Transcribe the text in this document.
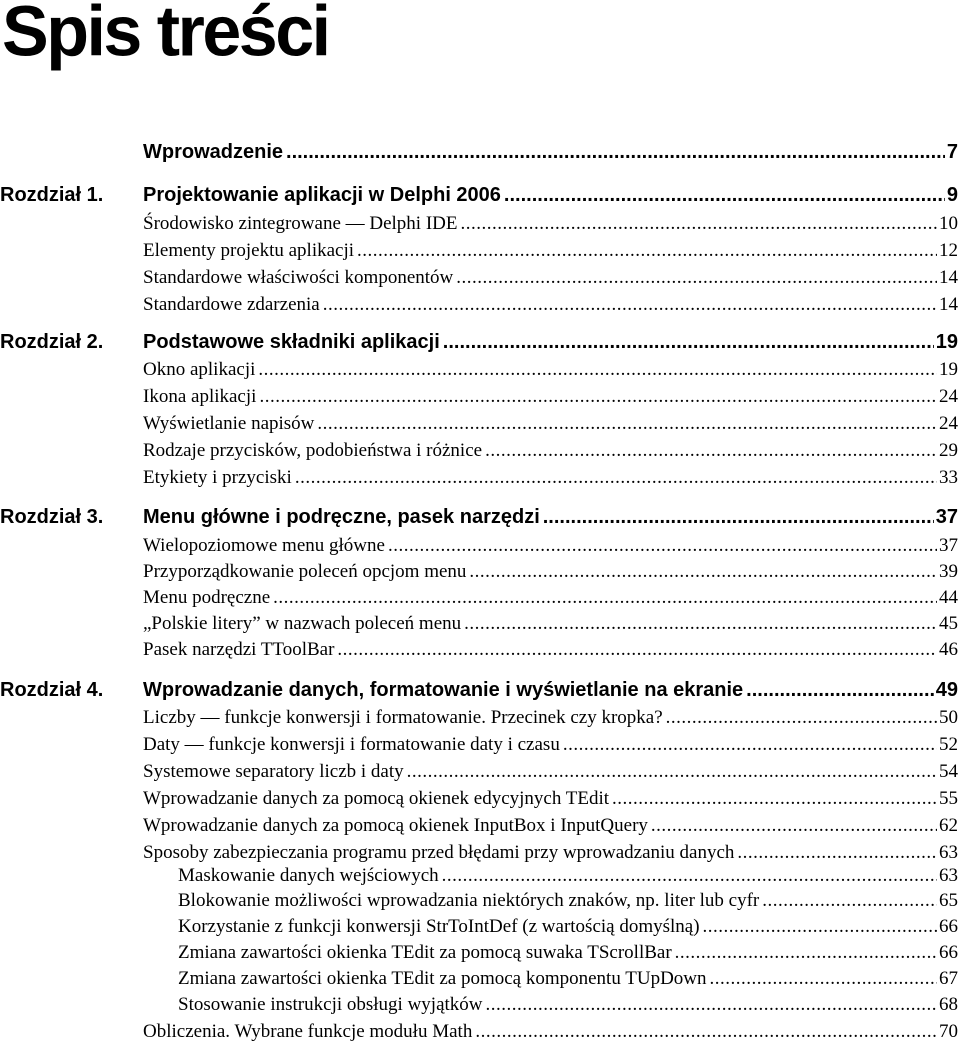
Spis treści
Wprowadzenie .....	7
Rozdział 1. Projektowanie aplikacji w Delphi 2006 .....	9
Środowisko zintegrowane — Delphi IDE .....	10
Elementy projektu aplikacji .....	12
Standardowe właściwości komponentów .....	14
Standardowe zdarzenia .....	14
Rozdział 2. Podstawowe składniki aplikacji .....	19
Okno aplikacji .....	19
Ikona aplikacji .....	24
Wyświetlanie napisów .....	24
Rodzaje przycisków, podobieństwa i różnice .....	29
Etykiety i przyciski .....	33
Rozdział 3. Menu główne i podręczne, pasek narzędzi .....	37
Wielopoziomowe menu główne .....	37
Przyporządkowanie poleceń opcjom menu .....	39
Menu podręczne .....	44
„Polskie litery” w nazwach poleceń menu .....	45
Pasek narzędzi TToolBar .....	46
Rozdział 4. Wprowadzanie danych, formatowanie i wyświetlanie na ekranie .....	49
Liczby — funkcje konwersji i formatowanie. Przecinek czy kropka? .....	50
Daty — funkcje konwersji i formatowanie daty i czasu .....	52
Systemowe separatory liczb i daty .....	54
Wprowadzanie danych za pomocą okienek edycyjnych TEdit .....	55
Wprowadzanie danych za pomocą okienek InputBox i InputQuery .....	62
Sposoby zabezpieczania programu przed błędami przy wprowadzaniu danych .....	63
Maskowanie danych wejściowych .....	63
Blokowanie możliwości wprowadzania niektórych znaków, np. liter lub cyfr .....	65
Korzystanie z funkcji konwersji StrToIntDef (z wartością domyślną) .....	66
Zmiana zawartości okienka TEdit za pomocą suwaka TScrollBar .....	66
Zmiana zawartości okienka TEdit za pomocą komponentu TUpDown .....	67
Stosowanie instrukcji obsługi wyjątków .....	68
Obliczenia. Wybrane funkcje modułu Math .....	70
